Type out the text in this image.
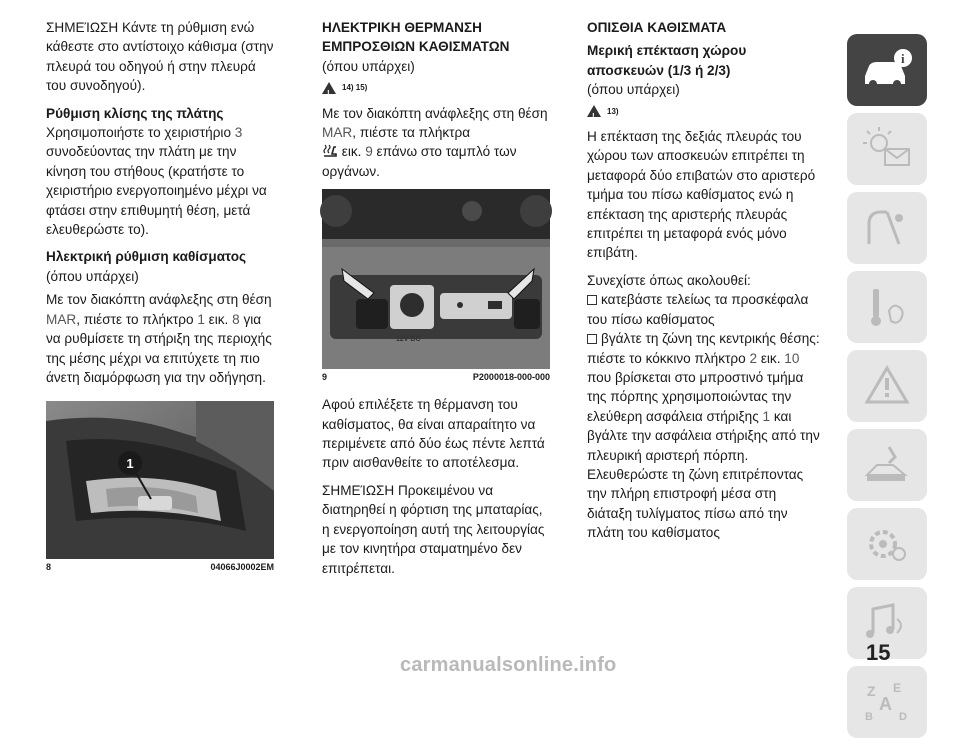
ΣΗΜΕΊΩΣΗ Κάντε τη ρύθμιση ενώ κάθεστε στο αντίστοιχο κάθισμα (στην πλευρά του οδηγού ή στην πλευρά του συνοδηγού).
Ρύθμιση κλίσης της πλάτης
Χρησιμοποιήστε το χειριστήριο 3 συνοδεύοντας την πλάτη με την κίνηση του στήθους (κρατήστε το χειριστήριο ενεργοποιημένο μέχρι να φτάσει στην επιθυμητή θέση, μετά ελευθερώστε το).
Ηλεκτρική ρύθμιση καθίσματος
(όπου υπάρχει)
Με τον διακόπτη ανάφλεξης στη θέση MAR, πιέστε το πλήκτρο 1 εικ. 8 για να ρυθμίσετε τη στήριξη της περιοχής της μέσης μέχρι να επιτύχετε τη πιο άνετη διαμόρφωση για την οδήγηση.
1
8	04066J0002EM
ΗΛΕΚΤΡΙΚΗ ΘΕΡΜΑΝΣΗ ΕΜΠΡΟΣΘΙΩΝ ΚΑΘΙΣΜΑΤΩΝ
(όπου υπάρχει)
!
14) 15)
Με τον διακόπτη ανάφλεξης στη θέση MAR, πιέστε τα πλήκτρα
εικ. 9 επάνω στο ταμπλό των οργάνων.
12V DC
9	P2000018-000-000
Αφού επιλέξετε τη θέρμανση του καθίσματος, θα είναι απαραίτητο να περιμένετε από δύο έως πέντε λεπτά πριν αισθανθείτε το αποτέλεσμα.
ΣΗΜΕΊΩΣΗ Προκειμένου να διατηρηθεί η φόρτιση της μπαταρίας, η ενεργοποίηση αυτή της λειτουργίας με τον κινητήρα σταματημένο δεν επιτρέπεται.
ΟΠΙΣΘΙΑ ΚΑΘΙΣΜΑΤΑ
Μερική επέκταση χώρου αποσκευών (1/3 ή 2/3)
(όπου υπάρχει)
!
13)
Η επέκταση της δεξιάς πλευράς του χώρου των αποσκευών επιτρέπει τη μεταφορά δύο επιβατών στο αριστερό τμήμα του πίσω καθίσματος ενώ η επέκταση της αριστερής πλευράς επιτρέπει τη μεταφορά ενός μόνο επιβάτη.
Συνεχίστε όπως ακολουθεί:
κατεβάστε τελείως τα προσκέφαλα του πίσω καθίσματος
βγάλτε τη ζώνη της κεντρικής θέσης: πιέστε το κόκκινο πλήκτρο 2 εικ. 10 που βρίσκεται στο μπροστινό τμήμα της πόρπης χρησιμοποιώντας την ελεύθερη ασφάλεια στήριξης 1 και βγάλτε την ασφάλεια στήριξης από την πλευρική αριστερή πόρπη.
Ελευθερώστε τη ζώνη επιτρέποντας την πλήρη επιστροφή μέσα στη διάταξη τυλίγματος πίσω από την πλάτη του καθίσματος
i
Z E
A
B D
15
carmanualsonline.info
